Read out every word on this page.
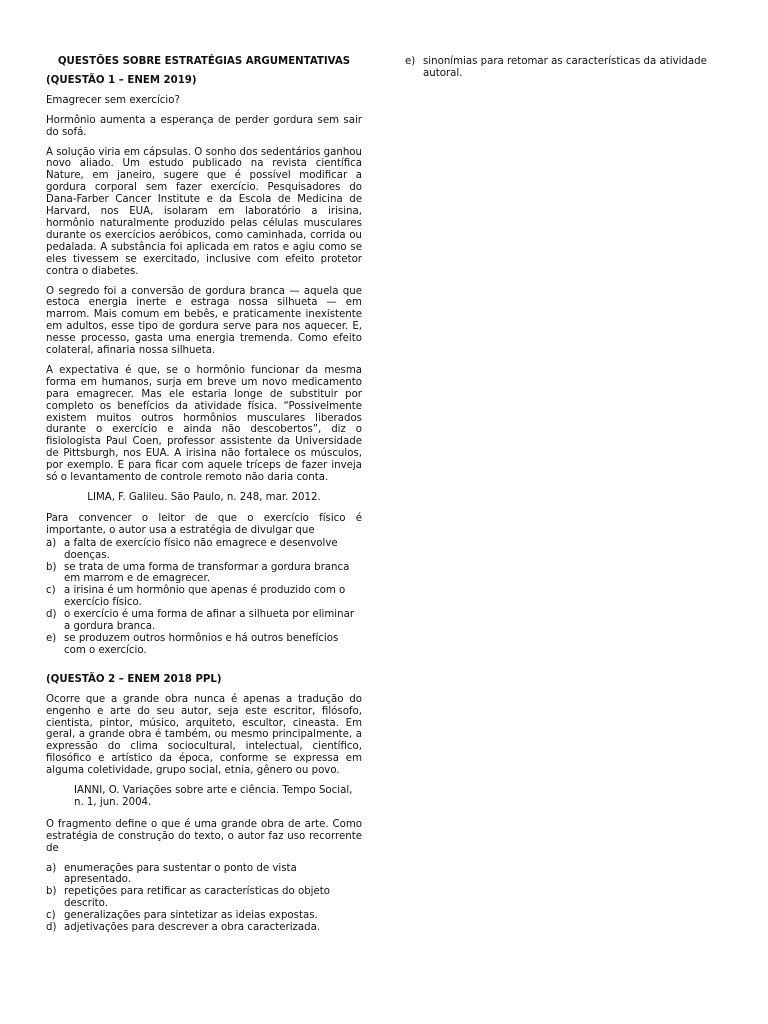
QUESTÕES SOBRE ESTRATÉGIAS ARGUMENTATIVAS
(QUESTÃO 1 – ENEM 2019)

Emagrecer sem exercício?

Hormônio aumenta a esperança de perder gordura sem sair do sofá.

A solução viria em cápsulas. O sonho dos sedentários ganhou novo aliado. Um estudo publicado na revista científica Nature, em janeiro, sugere que é possível modificar a gordura corporal sem fazer exercício. Pesquisadores do Dana-Farber Cancer Institute e da Escola de Medicina de Harvard, nos EUA, isolaram em laboratório a irisina, hormônio naturalmente produzido pelas células musculares durante os exercícios aeróbicos, como caminhada, corrida ou pedalada. A substância foi aplicada em ratos e agiu como se eles tivessem se exercitado, inclusive com efeito protetor contra o diabetes.

O segredo foi a conversão de gordura branca — aquela que estoca energia inerte e estraga nossa silhueta — em marrom. Mais comum em bebês, e praticamente inexistente em adultos, esse tipo de gordura serve para nos aquecer. E, nesse processo, gasta uma energia tremenda. Como efeito colateral, afinaria nossa silhueta.

A expectativa é que, se o hormônio funcionar da mesma forma em humanos, surja em breve um novo medicamento para emagrecer. Mas ele estaria longe de substituir por completo os benefícios da atividade física. “Possivelmente existem muitos outros hormônios musculares liberados durante o exercício e ainda não descobertos”, diz o fisiologista Paul Coen, professor assistente da Universidade de Pittsburgh, nos EUA. A irisina não fortalece os músculos, por exemplo. E para ficar com aquele tríceps de fazer inveja só o levantamento de controle remoto não daria conta.

LIMA, F. Galileu. São Paulo, n. 248, mar. 2012.

Para convencer o leitor de que o exercício físico é importante, o autor usa a estratégia de divulgar que

a) a falta de exercício físico não emagrece e desenvolve doenças.
b) se trata de uma forma de transformar a gordura branca em marrom e de emagrecer.
c) a irisina é um hormônio que apenas é produzido com o exercício físico.
d) o exercício é uma forma de afinar a silhueta por eliminar a gordura branca.
e) se produzem outros hormônios e há outros benefícios com o exercício.
(QUESTÃO 2 – ENEM 2018 PPL)

Ocorre que a grande obra nunca é apenas a tradução do engenho e arte do seu autor, seja este escritor, filósofo, cientista, pintor, músico, arquiteto, escultor, cineasta. Em geral, a grande obra é também, ou mesmo principalmente, a expressão do clima sociocultural, intelectual, científico, filosófico e artístico da época, conforme se expressa em alguma coletividade, grupo social, etnia, gênero ou povo.

IANNI, O. Variações sobre arte e ciência. Tempo Social, n. 1, jun. 2004.

O fragmento define o que é uma grande obra de arte. Como estratégia de construção do texto, o autor faz uso recorrente de

a) enumerações para sustentar o ponto de vista apresentado.
b) repetições para retificar as características do objeto descrito.
c) generalizações para sintetizar as ideias expostas.
d) adjetivações para descrever a obra caracterizada.
e) sinonímias para retomar as características da atividade autoral.
